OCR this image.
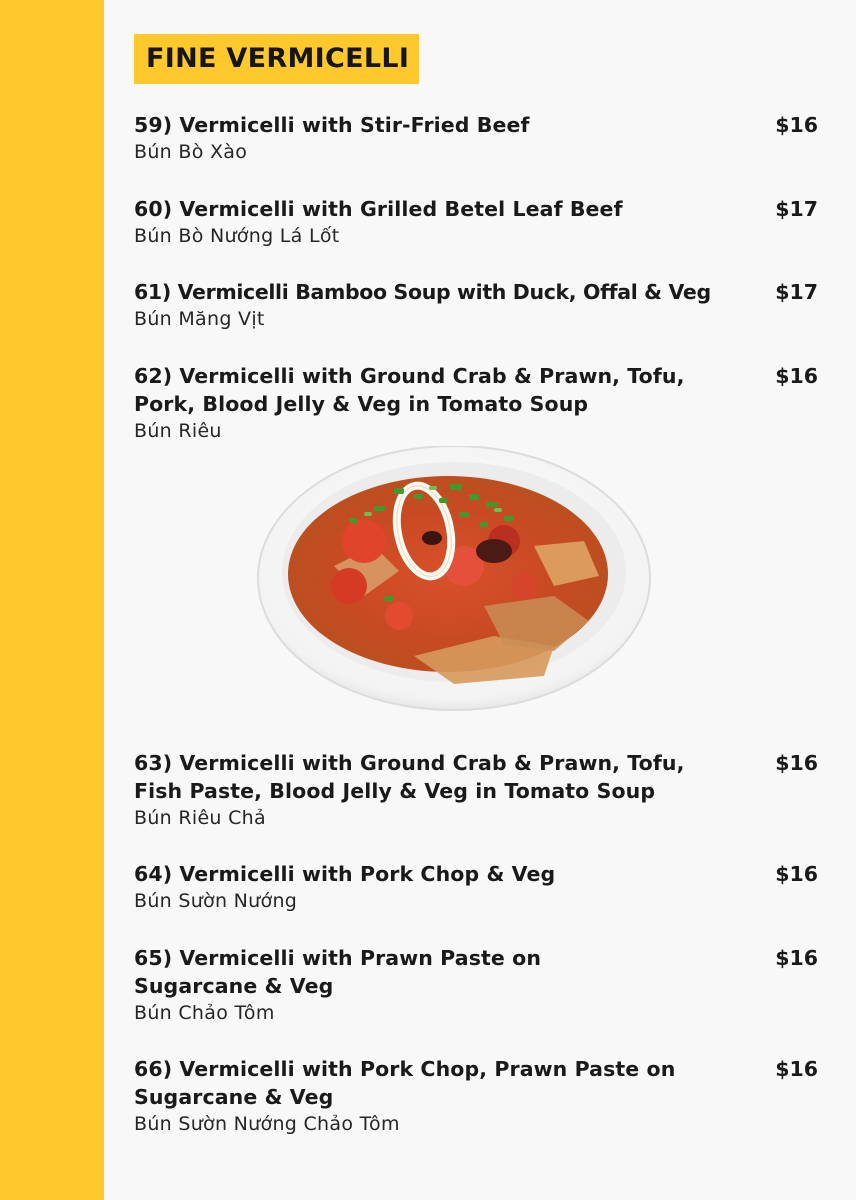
FINE VERMICELLI
59) Vermicelli with Stir-Fried Beef	$16
Bún Bò Xào
60) Vermicelli with Grilled Betel Leaf Beef	$17
Bún Bò Nướng Lá Lốt
61) Vermicelli Bamboo Soup with Duck, Offal & Veg	$17
Bún Măng Vịt
62) Vermicelli with Ground Crab & Prawn, Tofu, Pork, Blood Jelly & Veg in Tomato Soup
$16
Bún Riêu
63) Vermicelli with Ground Crab & Prawn, Tofu, Fish Paste, Blood Jelly & Veg in Tomato Soup
$16
Bún Riêu Chả
64) Vermicelli with Pork Chop & Veg	$16
Bún Sườn Nướng
65) Vermicelli with Prawn Paste on Sugarcane & Veg
$16
Bún Chảo Tôm
66) Vermicelli with Pork Chop, Prawn Paste on Sugarcane & Veg
$16
Bún Sườn Nướng Chảo Tôm
